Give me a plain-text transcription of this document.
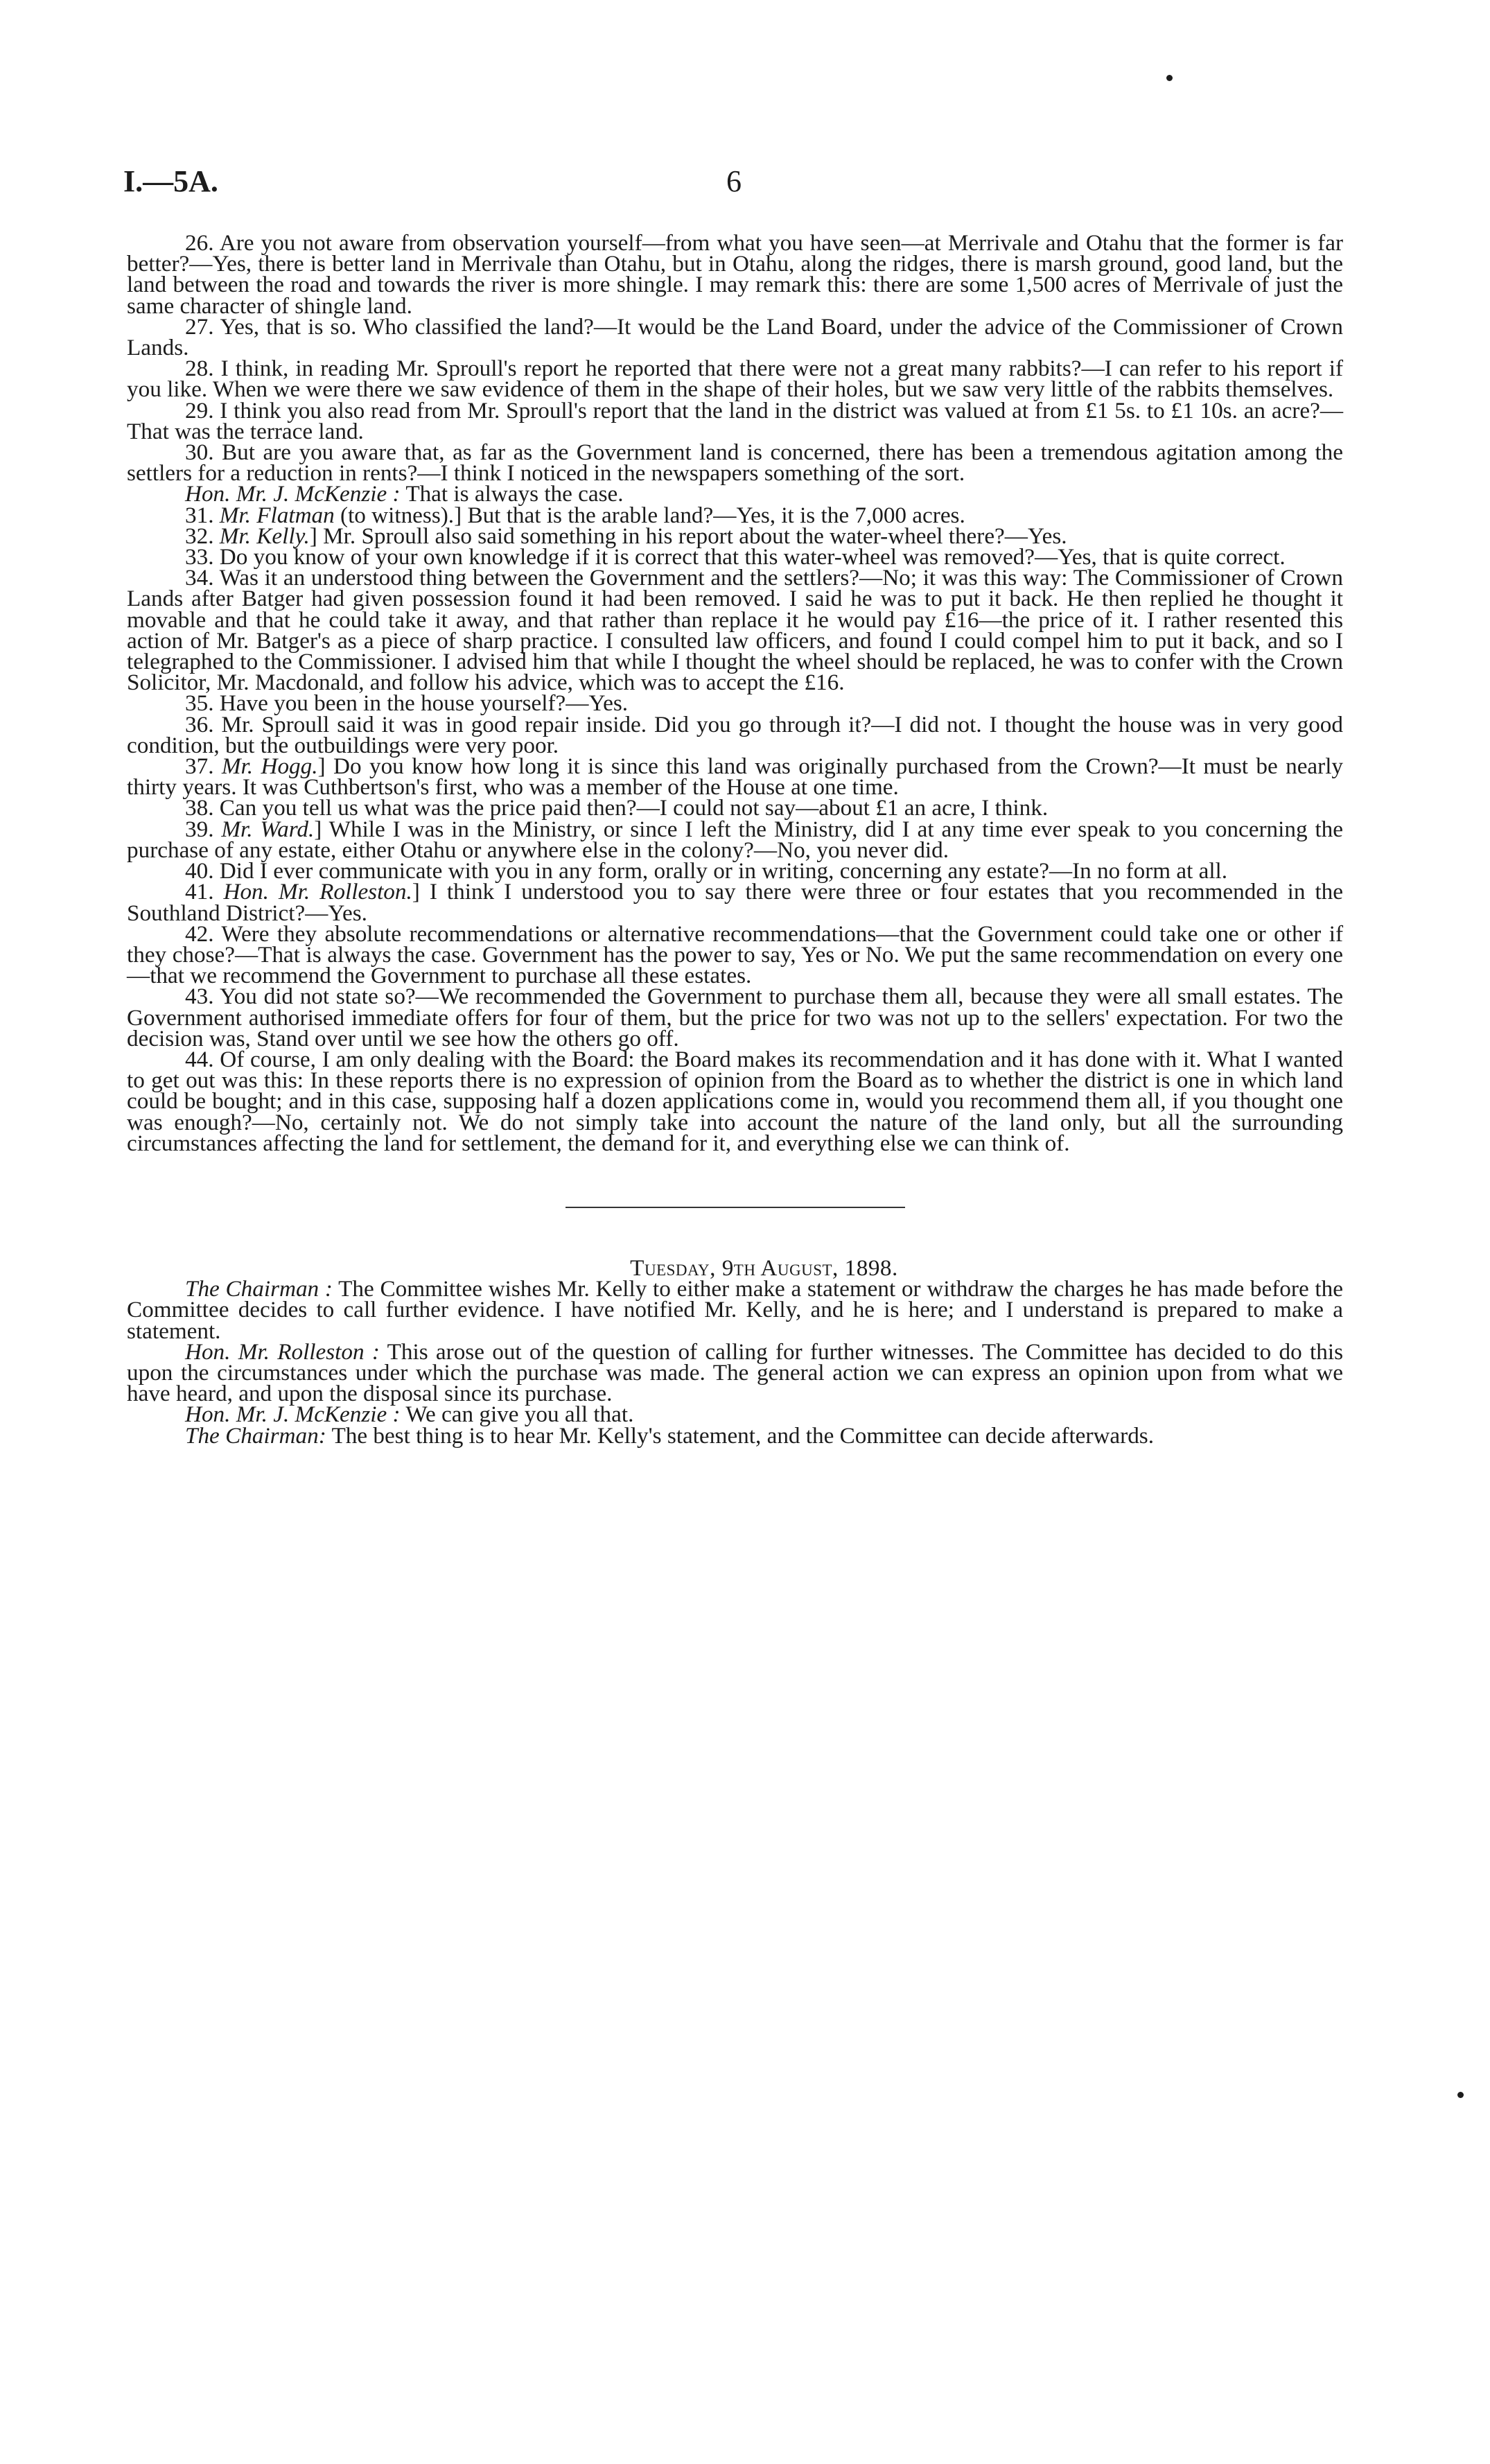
I.—5A.	6

26. Are you not aware from observation yourself—from what you have seen—at Merrivale and Otahu that the former is far better?—Yes, there is better land in Merrivale than Otahu, but in Otahu, along the ridges, there is marsh ground, good land, but the land between the road and towards the river is more shingle. I may remark this: there are some 1,500 acres of Merrivale of just the same character of shingle land.

27. Yes, that is so. Who classified the land?—It would be the Land Board, under the advice of the Commissioner of Crown Lands.

28. I think, in reading Mr. Sproull's report he reported that there were not a great many rabbits?—I can refer to his report if you like. When we were there we saw evidence of them in the shape of their holes, but we saw very little of the rabbits themselves.

29. I think you also read from Mr. Sproull's report that the land in the district was valued at from £1 5s. to £1 10s. an acre?—That was the terrace land.

30. But are you aware that, as far as the Government land is concerned, there has been a tremendous agitation among the settlers for a reduction in rents?—I think I noticed in the newspapers something of the sort.

Hon. Mr. J. McKenzie : That is always the case.

31. Mr. Flatman (to witness).] But that is the arable land?—Yes, it is the 7,000 acres.

32. Mr. Kelly.] Mr. Sproull also said something in his report about the water-wheel there?—Yes.

33. Do you know of your own knowledge if it is correct that this water-wheel was removed?—Yes, that is quite correct.

34. Was it an understood thing between the Government and the settlers?—No; it was this way: The Commissioner of Crown Lands after Batger had given possession found it had been removed. I said he was to put it back. He then replied he thought it movable and that he could take it away, and that rather than replace it he would pay £16—the price of it. I rather resented this action of Mr. Batger's as a piece of sharp practice. I consulted law officers, and found I could compel him to put it back, and so I telegraphed to the Commissioner. I advised him that while I thought the wheel should be replaced, he was to confer with the Crown Solicitor, Mr. Macdonald, and follow his advice, which was to accept the £16.

35. Have you been in the house yourself?—Yes.

36. Mr. Sproull said it was in good repair inside. Did you go through it?—I did not. I thought the house was in very good condition, but the outbuildings were very poor.

37. Mr. Hogg.] Do you know how long it is since this land was originally purchased from the Crown?—It must be nearly thirty years. It was Cuthbertson's first, who was a member of the House at one time.

38. Can you tell us what was the price paid then?—I could not say—about £1 an acre, I think.

39. Mr. Ward.] While I was in the Ministry, or since I left the Ministry, did I at any time ever speak to you concerning the purchase of any estate, either Otahu or anywhere else in the colony?—No, you never did.

40. Did I ever communicate with you in any form, orally or in writing, concerning any estate?—In no form at all.

41. Hon. Mr. Rolleston.] I think I understood you to say there were three or four estates that you recommended in the Southland District?—Yes.

42. Were they absolute recommendations or alternative recommendations—that the Government could take one or other if they chose?—That is always the case. Government has the power to say, Yes or No. We put the same recommendation on every one—that we recommend the Government to purchase all these estates.

43. You did not state so?—We recommended the Government to purchase them all, because they were all small estates. The Government authorised immediate offers for four of them, but the price for two was not up to the sellers' expectation. For two the decision was, Stand over until we see how the others go off.

44. Of course, I am only dealing with the Board: the Board makes its recommendation and it has done with it. What I wanted to get out was this: In these reports there is no expression of opinion from the Board as to whether the district is one in which land could be bought; and in this case, supposing half a dozen applications come in, would you recommend them all, if you thought one was enough?—No, certainly not. We do not simply take into account the nature of the land only, but all the surrounding circumstances affecting the land for settlement, the demand for it, and everything else we can think of.

Tuesday, 9th August, 1898.

The Chairman : The Committee wishes Mr. Kelly to either make a statement or withdraw the charges he has made before the Committee decides to call further evidence. I have notified Mr. Kelly, and he is here; and I understand is prepared to make a statement.

Hon. Mr. Rolleston : This arose out of the question of calling for further witnesses. The Committee has decided to do this upon the circumstances under which the purchase was made. The general action we can express an opinion upon from what we have heard, and upon the disposal since its purchase.

Hon. Mr. J. McKenzie : We can give you all that.

The Chairman: The best thing is to hear Mr. Kelly's statement, and the Committee can decide afterwards.
